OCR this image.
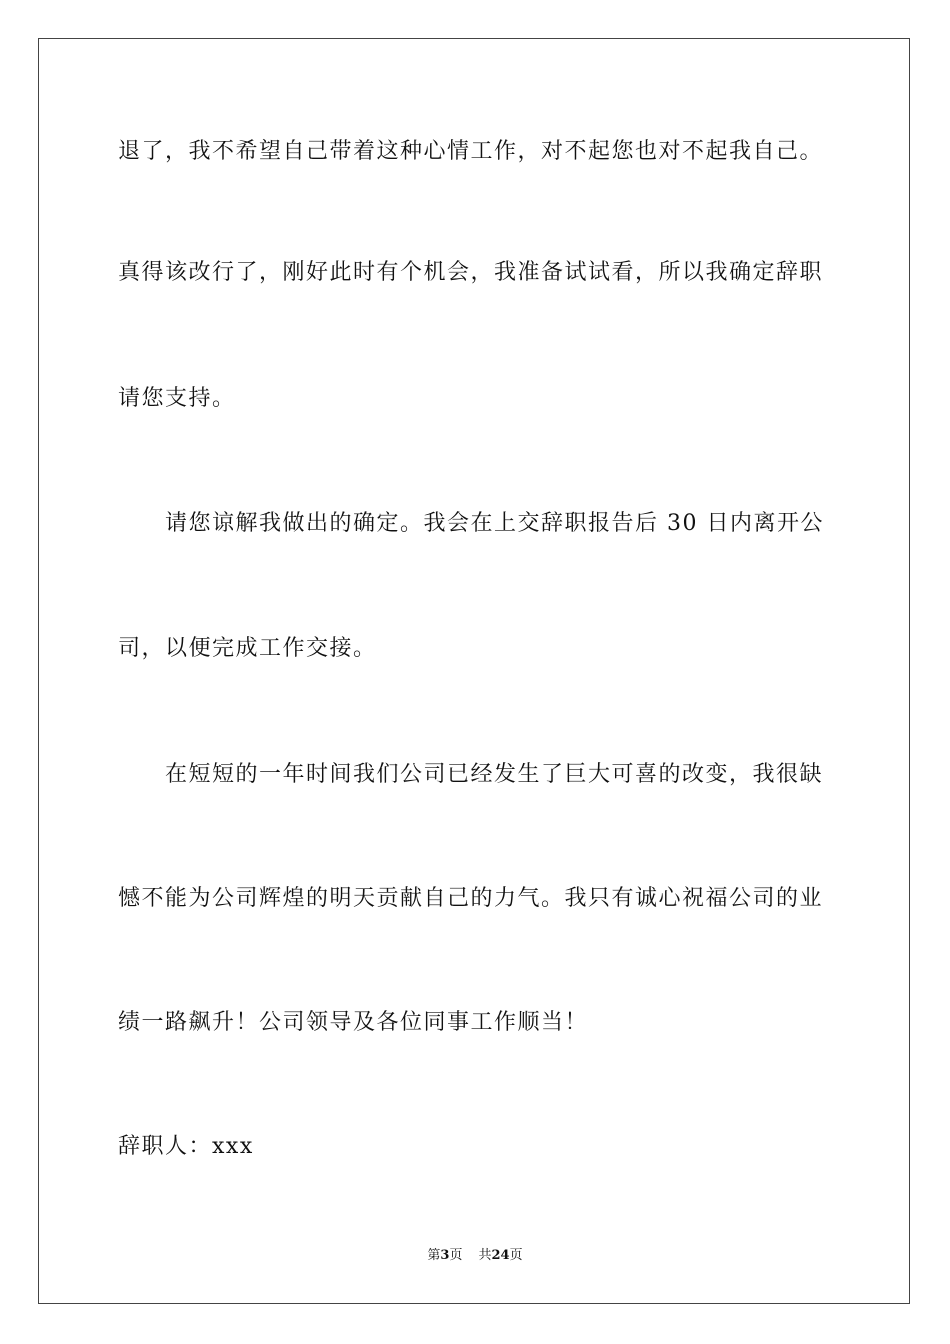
退了，我不希望自己带着这种心情工作，对不起您也对不起我自己。
真得该改行了，刚好此时有个机会，我准备试试看，所以我确定辞职
请您支持。
请您谅解我做出的确定。我会在上交辞职报告后 30 日内离开公
司，以便完成工作交接。
在短短的一年时间我们公司已经发生了巨大可喜的改变，我很缺
憾不能为公司辉煌的明天贡献自己的力气。我只有诚心祝福公司的业
绩一路飙升！公司领导及各位同事工作顺当！
辞职人：xxx
第3页 共24页
